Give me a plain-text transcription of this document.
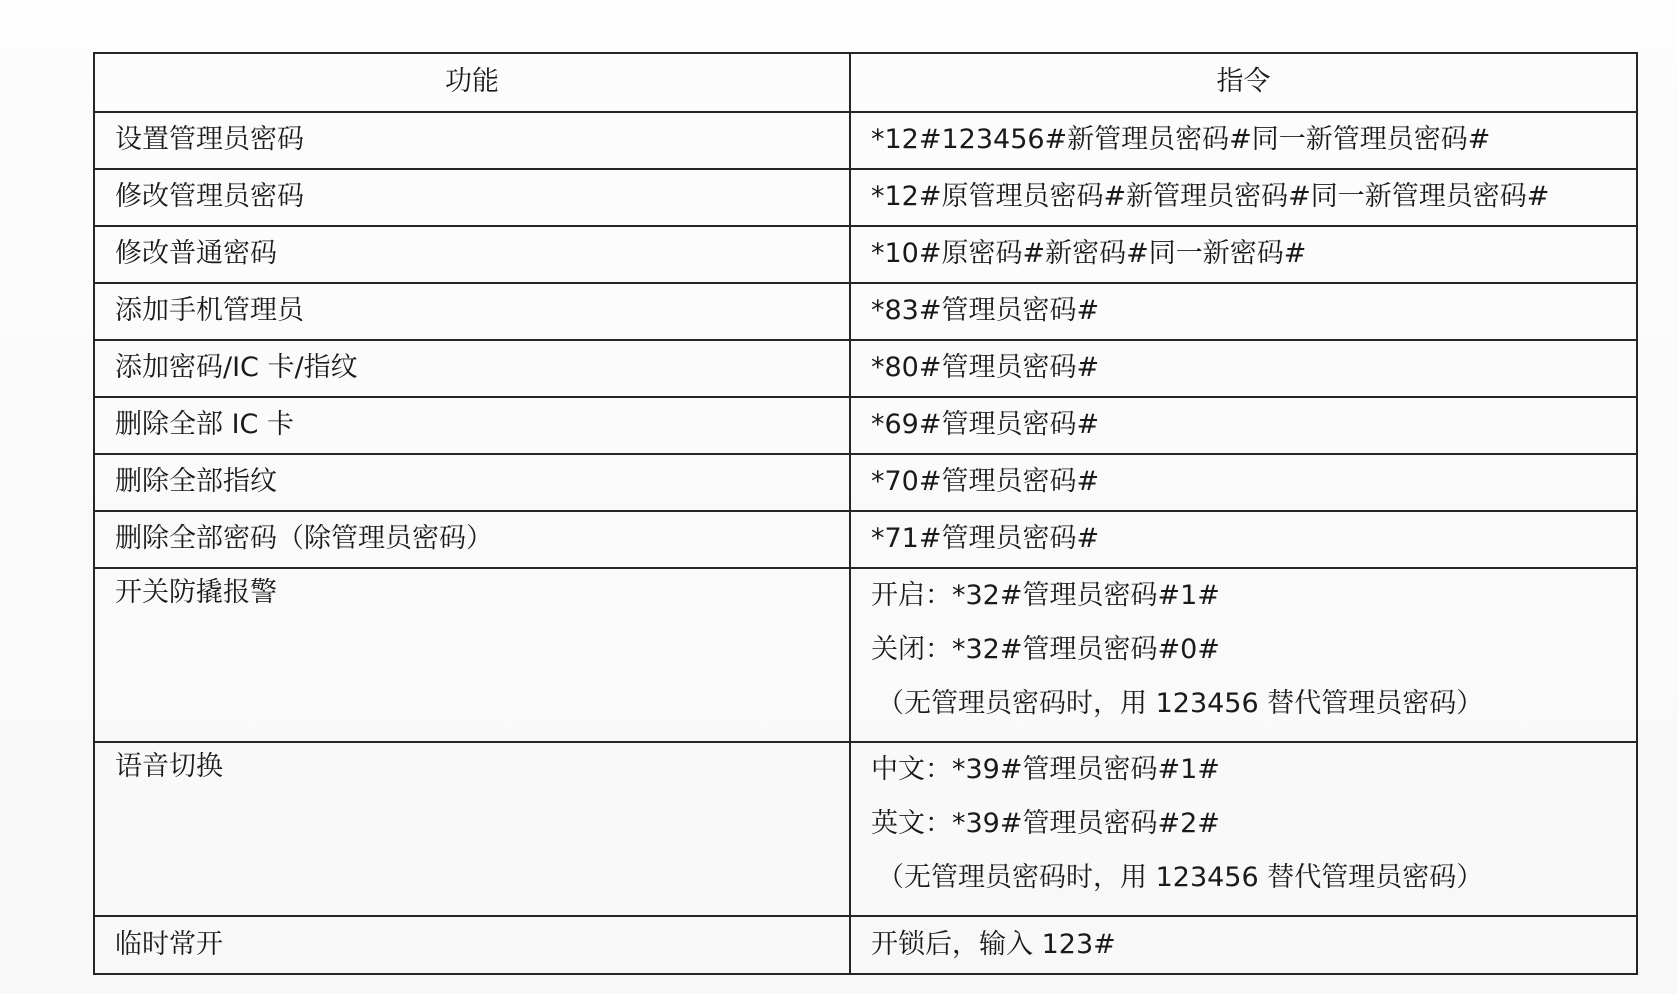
功能	指令
设置管理员密码	*12#123456#新管理员密码#同一新管理员密码#
修改管理员密码	*12#原管理员密码#新管理员密码#同一新管理员密码#
修改普通密码	*10#原密码#新密码#同一新密码#
添加手机管理员	*83#管理员密码#
添加密码/IC 卡/指纹	*80#管理员密码#
删除全部 IC 卡	*69#管理员密码#
删除全部指纹	*70#管理员密码#
删除全部密码（除管理员密码）	*71#管理员密码#
开关防撬报警	开启：*32#管理员密码#1#
关闭：*32#管理员密码#0#
（无管理员密码时，用 123456 替代管理员密码）

语音切换	中文：*39#管理员密码#1#
英文：*39#管理员密码#2#
（无管理员密码时，用 123456 替代管理员密码）

临时常开	开锁后，输入 123#
